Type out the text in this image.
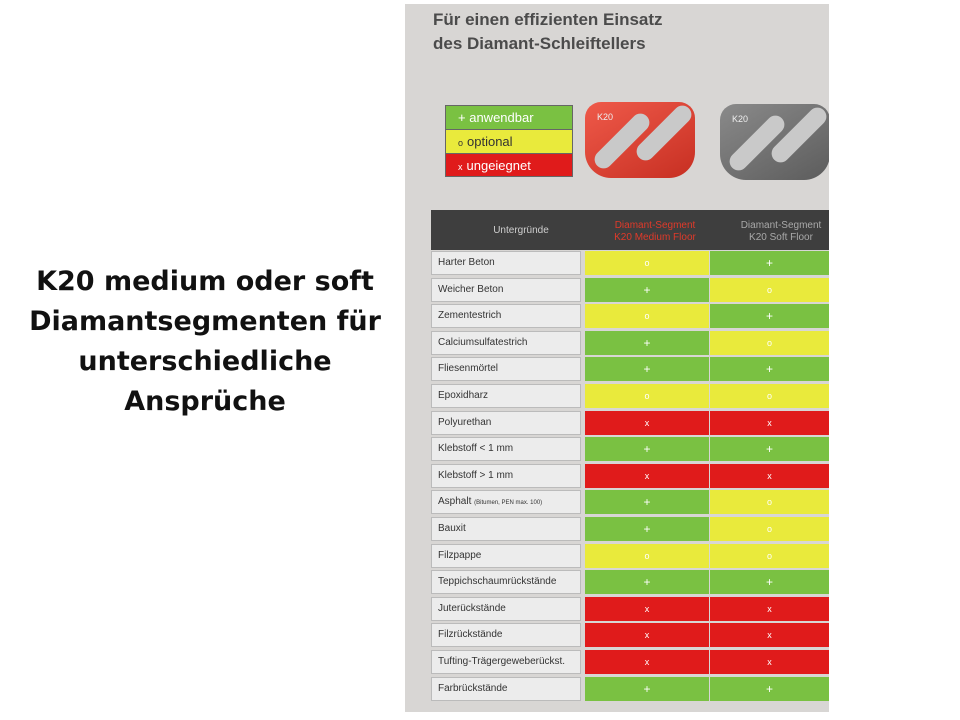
K20 medium oder soft
Diamantsegmenten für
unterschiedliche
Ansprüche
Für einen effizienten Einsatz
des Diamant-Schleiftellers
+ anwendbar
o optional
x ungeiegnet
K20	K20
Untergründe	Diamant-Segment
K20 Medium Floor
Diamant-Segment
K20 Soft Floor
Harter Beton	o	+
Weicher Beton	+	o
Zementestrich	o	+
Calciumsulfatestrich	+	o
Fliesenmörtel	+	+
Epoxidharz	o	o
Polyurethan	x	x
Klebstoff < 1 mm	+	+
Klebstoff > 1 mm	x	x
Asphalt (Bitumen, PEN max. 100)	+	o
Bauxit	+	o
Filzpappe	o	o
Teppichschaumrückstände	+	+
Juterückstände	x	x
Filzrückstände	x	x
Tufting-Trägergeweberückst.	x	x
Farbrückstände	+	+
